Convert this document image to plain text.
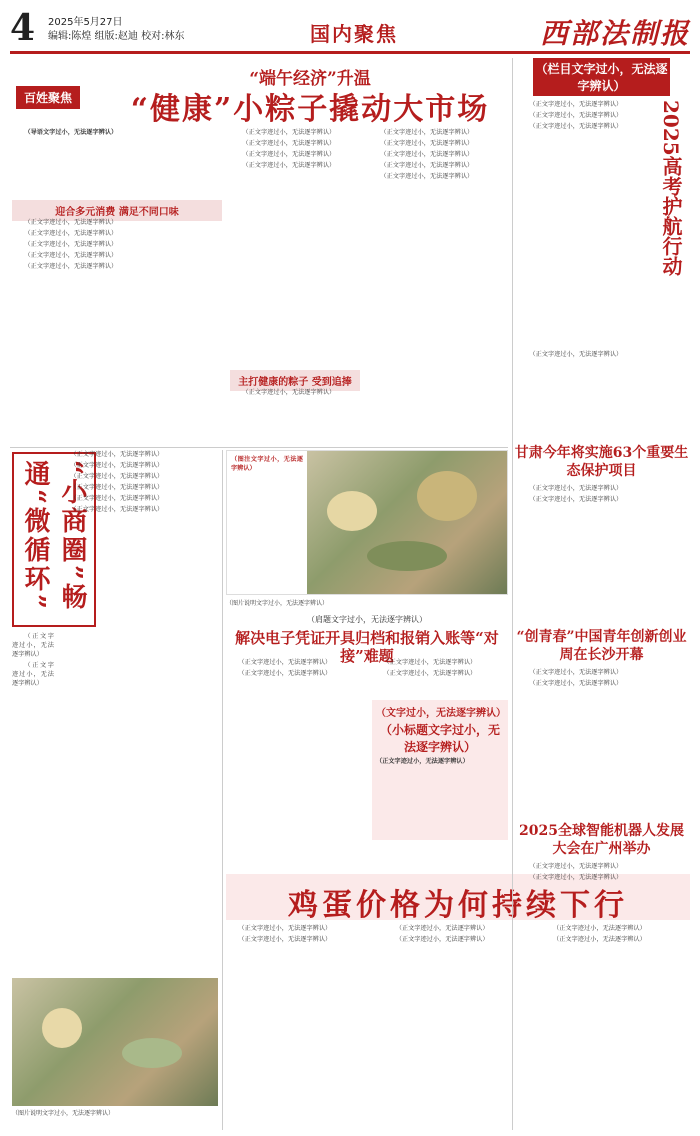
4 2025年5月27日
编辑:陈煌 组版:赵迪 校对:林东	国内聚焦	西部法制报
百姓聚焦
“端午经济”升温
“健康”小粽子撬动大市场

（导语文字过小，无法逐字辨认）

迎合多元消费 满足不同口味

（正文字迹过小，无法逐字辨认）

（正文字迹过小，无法逐字辨认）

（正文字迹过小，无法逐字辨认）

（正文字迹过小，无法逐字辨认）

（正文字迹过小，无法逐字辨认）

（正文字迹过小，无法逐字辨认）

（正文字迹过小，无法逐字辨认）

（正文字迹过小，无法逐字辨认）

（正文字迹过小，无法逐字辨认）

主打健康的粽子 受到追捧

（正文字迹过小，无法逐字辨认）

（正文字迹过小，无法逐字辨认）

（正文字迹过小，无法逐字辨认）

（正文字迹过小，无法逐字辨认）

（正文字迹过小，无法逐字辨认）

（正文字迹过小，无法逐字辨认）

“小商圈”畅通“微循环”

（正文字迹过小，无法逐字辨认）

（正文字迹过小，无法逐字辨认）

（正文字迹过小，无法逐字辨认）

（正文字迹过小，无法逐字辨认）

（正文字迹过小，无法逐字辨认）

（正文字迹过小，无法逐字辨认）

（正文字迹过小，无法逐字辨认）

（正文字迹过小，无法逐字辨认）

（图片说明文字过小，无法逐字辨认）
（图注文字过小，无法逐字辨认）
（图片说明文字过小，无法逐字辨认）
（肩题文字过小，无法逐字辨认）
解决电子凭证开具归档和报销入账等“对接”难题

（正文字迹过小，无法逐字辨认）

（正文字迹过小，无法逐字辨认）

（正文字迹过小，无法逐字辨认）

（正文字迹过小，无法逐字辨认）

（文字过小，无法逐字辨认）
（小标题文字过小，无法逐字辨认）
（正文字迹过小，无法逐字辨认）
鸡蛋价格为何持续下行

（正文字迹过小，无法逐字辨认）

（正文字迹过小，无法逐字辨认）

（正文字迹过小，无法逐字辨认）

（正文字迹过小，无法逐字辨认）

（正文字迹过小，无法逐字辨认）

（正文字迹过小，无法逐字辨认）

（栏目文字过小，无法逐字辨认）

（正文字迹过小，无法逐字辨认）

（正文字迹过小，无法逐字辨认）

（正文字迹过小，无法逐字辨认）	2025高考护航行动

（正文字迹过小，无法逐字辨认）

甘肃今年将实施63个重要生态保护项目

（正文字迹过小，无法逐字辨认）

（正文字迹过小，无法逐字辨认）

“创青春”中国青年创新创业周在长沙开幕

（正文字迹过小，无法逐字辨认）

（正文字迹过小，无法逐字辨认）

2025全球智能机器人发展大会在广州举办

（正文字迹过小，无法逐字辨认）

（正文字迹过小，无法逐字辨认）
